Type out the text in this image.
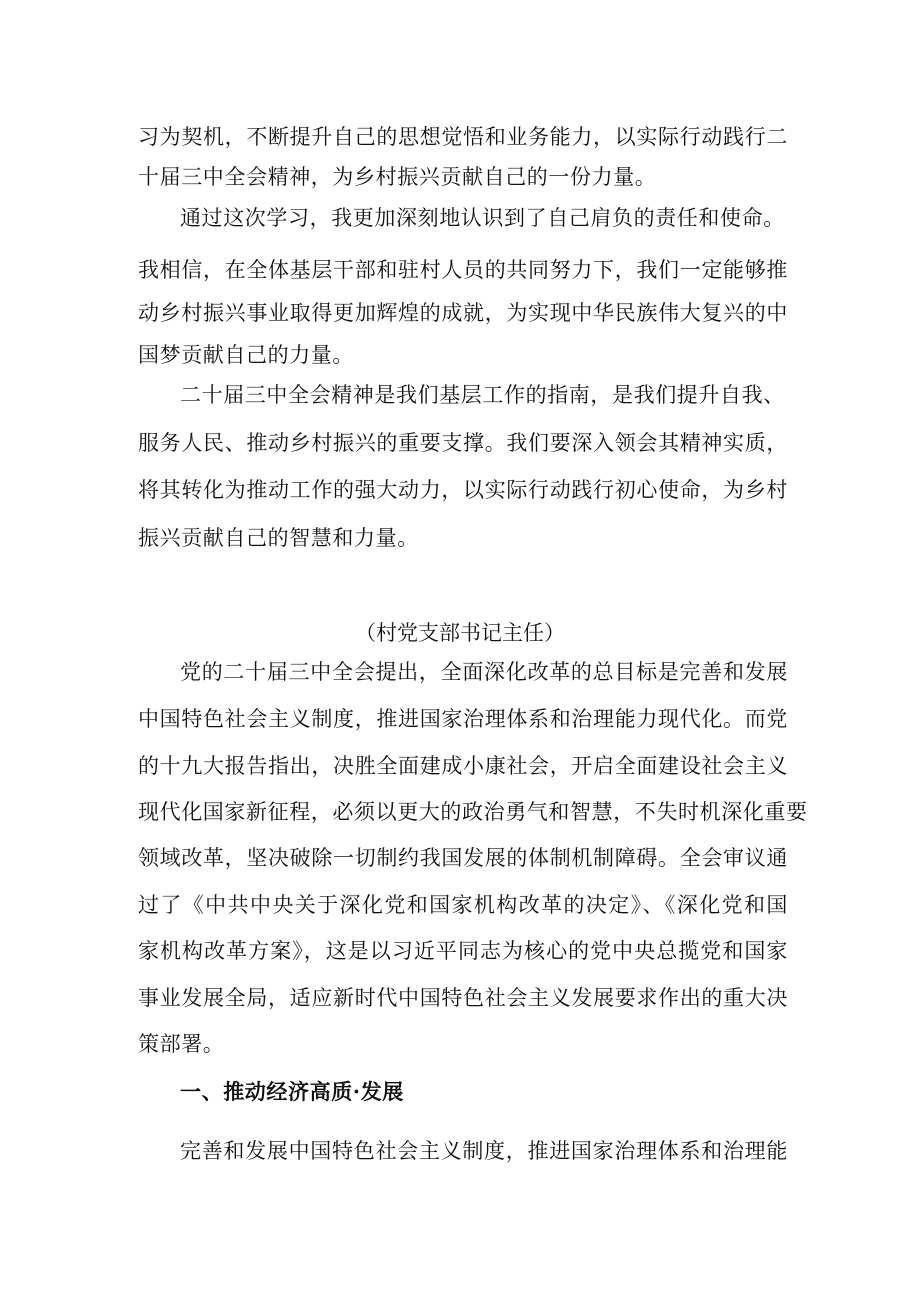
习为契机，不断提升自己的思想觉悟和业务能力，以实际行动践行二
十届三中全会精神，为乡村振兴贡献自己的一份力量。
通过这次学习，我更加深刻地认识到了自己肩负的责任和使命。
我相信，在全体基层干部和驻村人员的共同努力下，我们一定能够推
动乡村振兴事业取得更加辉煌的成就，为实现中华民族伟大复兴的中
国梦贡献自己的力量。
二十届三中全会精神是我们基层工作的指南，是我们提升自我、
服务人民、推动乡村振兴的重要支撑。我们要深入领会其精神实质，
将其转化为推动工作的强大动力，以实际行动践行初心使命，为乡村
振兴贡献自己的智慧和力量。
（村党支部书记主任）
党的二十届三中全会提出，全面深化改革的总目标是完善和发展
中国特色社会主义制度，推进国家治理体系和治理能力现代化。而党
的十九大报告指出，决胜全面建成小康社会，开启全面建设社会主义
现代化国家新征程，必须以更大的政治勇气和智慧，不失时机深化重要
领域改革，坚决破除一切制约我国发展的体制机制障碍。全会审议通
过了《中共中央关于深化党和国家机构改革的决定》、《深化党和国
家机构改革方案》，这是以习近平同志为核心的党中央总揽党和国家
事业发展全局，适应新时代中国特色社会主义发展要求作出的重大决
策部署。
一、推动经济高质·发展
完善和发展中国特色社会主义制度，推进国家治理体系和治理能
